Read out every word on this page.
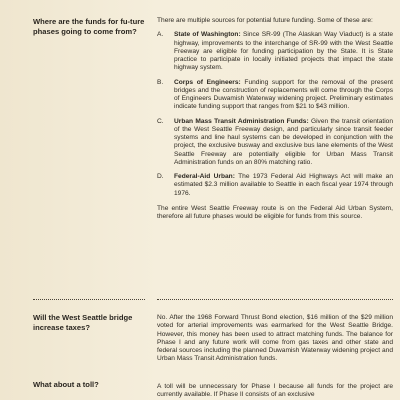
Where are the funds for fu-ture phases going to come from?

There are multiple sources for potential future funding. Some of these are:

A. State of Washington: Since SR-99 (The Alaskan Way Viaduct) is a state highway, improvements to the interchange of SR-99 with the West Seattle Freeway are eligible for funding participation by the State. It is State practice to participate in locally initiated projects that impact the state highway system.

B. Corps of Engineers: Funding support for the removal of the present bridges and the construction of replacements will come through the Corps of Engineers Duwamish Waterway widening project. Preliminary estimates indicate funding support that ranges from $21 to $43 million.

C. Urban Mass Transit Administration Funds: Given the transit orientation of the West Seattle Freeway design, and particularly since transit feeder systems and line haul systems can be developed in conjunction with the project, the exclusive busway and exclusive bus lane elements of the West Seattle Freeway are potentially eligible for Urban Mass Transit Administration funds on an 80% matching ratio.

D. Federal-Aid Urban: The 1973 Federal Aid Highways Act will make an estimated $2.3 million available to Seattle in each fiscal year 1974 through 1976.

The entire West Seattle Freeway route is on the Federal Aid Urban System, therefore all future phases would be eligible for funds from this source.

Will the West Seattle bridge increase taxes?

No. After the 1968 Forward Thrust Bond election, $16 million of the $29 million voted for arterial improvements was earmarked for the West Seattle Bridge. However, this money has been used to attract matching funds. The balance for Phase I and any future work will come from gas taxes and other state and federal sources including the planned Duwamish Waterway widening project and Urban Mass Transit Administration funds.

What about a toll?	A toll will be unnecessary for Phase I because all funds for the project are currently available. If Phase II consists of an exclusive
